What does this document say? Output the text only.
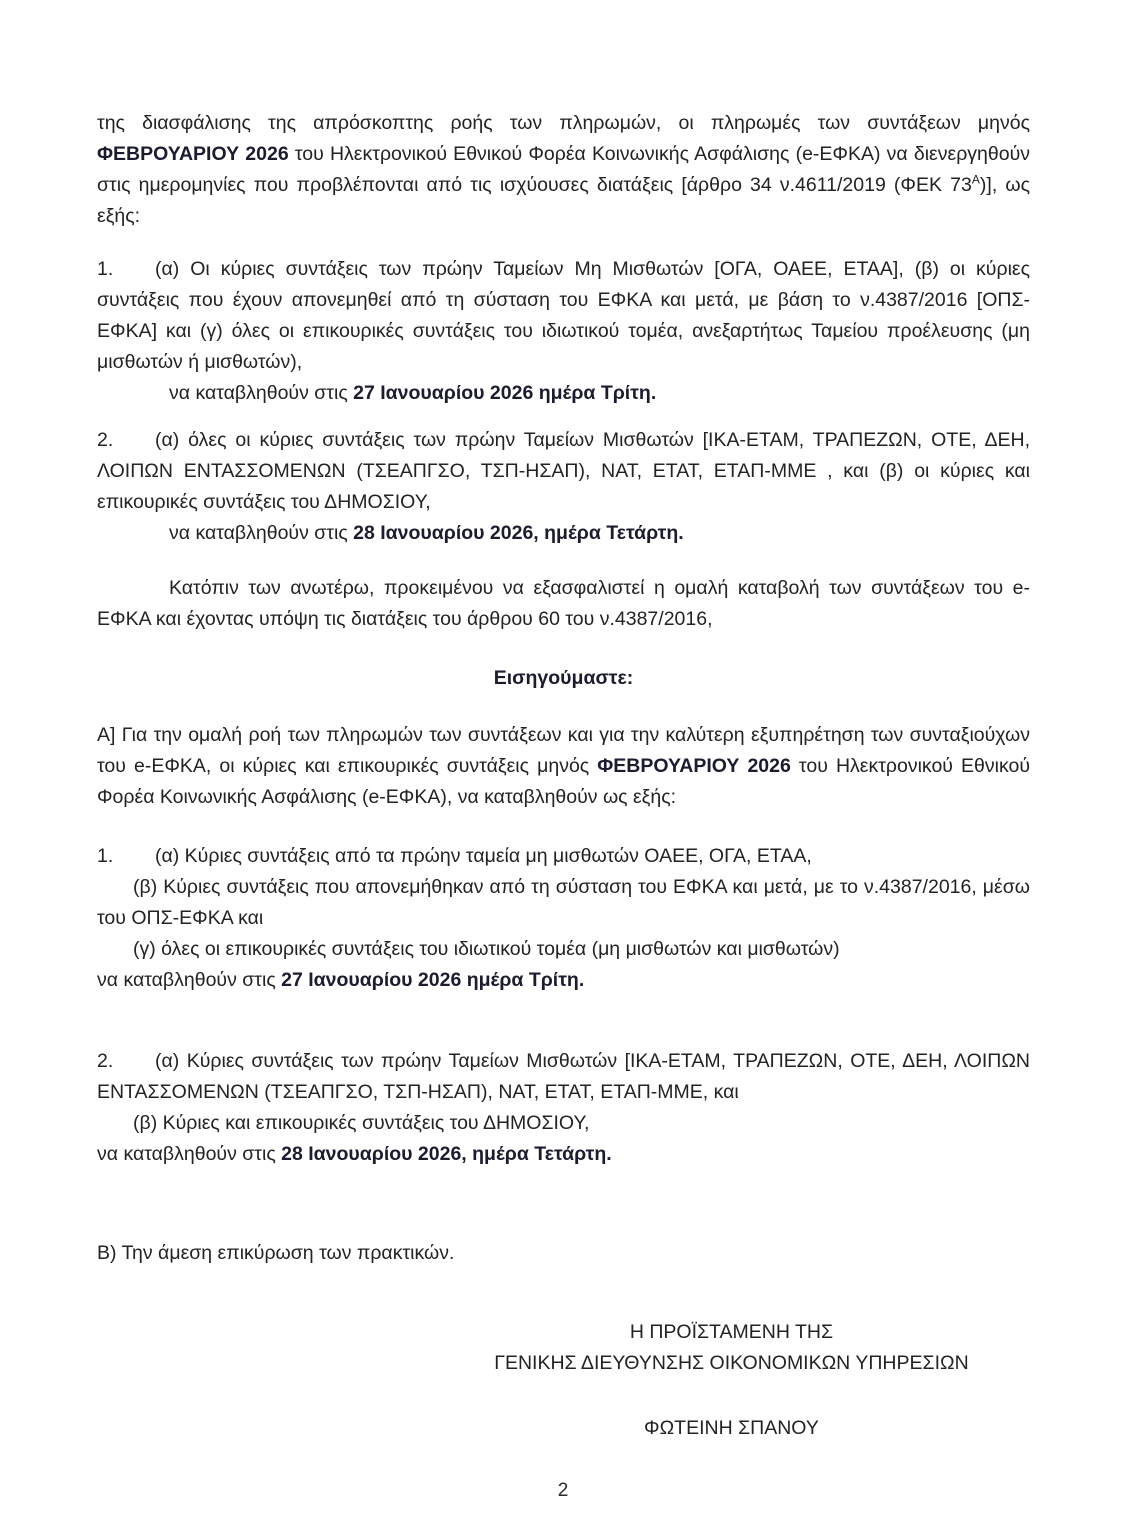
της διασφάλισης της απρόσκοπτης ροής των πληρωμών, οι πληρωμές των συντάξεων μηνός ΦΕΒΡΟΥΑΡΙΟΥ 2026 του Ηλεκτρονικού Εθνικού Φορέα Κοινωνικής Ασφάλισης (e-ΕΦΚΑ) να διενεργηθούν στις ημερομηνίες που προβλέπονται από τις ισχύουσες διατάξεις [άρθρο 34 ν.4611/2019 (ΦΕΚ $73^A$)], ως εξής:

1. (α) Οι κύριες συντάξεις των πρώην Ταμείων Μη Μισθωτών [ΟΓΑ, ΟΑΕΕ, ΕΤΑΑ], (β) οι κύριες συντάξεις που έχουν απονεμηθεί από τη σύσταση του ΕΦΚΑ και μετά, με βάση το ν.4387/2016 [ΟΠΣ-ΕΦΚΑ] και (γ) όλες οι επικουρικές συντάξεις του ιδιωτικού τομέα, ανεξαρτήτως Ταμείου προέλευσης (μη μισθωτών ή μισθωτών),

να καταβληθούν στις 27 Ιανουαρίου 2026 ημέρα Τρίτη.

2. (α) όλες οι κύριες συντάξεις των πρώην Ταμείων Μισθωτών [ΙΚΑ-ΕΤΑΜ, ΤΡΑΠΕΖΩΝ, ΟΤΕ, ΔΕΗ, ΛΟΙΠΩΝ ΕΝΤΑΣΣΟΜΕΝΩΝ (ΤΣΕΑΠΓΣΟ, ΤΣΠ-ΗΣΑΠ), ΝΑΤ, ΕΤΑΤ, ΕΤΑΠ-ΜΜΕ , και (β) οι κύριες και επικουρικές συντάξεις του ΔΗΜΟΣΙΟΥ,

να καταβληθούν στις 28 Ιανουαρίου 2026, ημέρα Τετάρτη.

Κατόπιν των ανωτέρω, προκειμένου να εξασφαλιστεί η ομαλή καταβολή των συντάξεων του e-ΕΦΚΑ και έχοντας υπόψη τις διατάξεις του άρθρου 60 του ν.4387/2016,

Εισηγούμαστε:

Α] Για την ομαλή ροή των πληρωμών των συντάξεων και για την καλύτερη εξυπηρέτηση των συνταξιούχων του e-ΕΦΚΑ, οι κύριες και επικουρικές συντάξεις μηνός ΦΕΒΡΟΥΑΡΙΟΥ 2026 του Ηλεκτρονικού Εθνικού Φορέα Κοινωνικής Ασφάλισης (e-ΕΦΚΑ), να καταβληθούν ως εξής:

1. (α) Κύριες συντάξεις από τα πρώην ταμεία μη μισθωτών ΟΑΕΕ, ΟΓΑ, ΕΤΑΑ,

(β) Κύριες συντάξεις που απονεμήθηκαν από τη σύσταση του ΕΦΚΑ και μετά, με το ν.4387/2016, μέσω του ΟΠΣ-ΕΦΚΑ και

(γ) όλες οι επικουρικές συντάξεις του ιδιωτικού τομέα (μη μισθωτών και μισθωτών)

να καταβληθούν στις 27 Ιανουαρίου 2026 ημέρα Τρίτη.

2. (α) Κύριες συντάξεις των πρώην Ταμείων Μισθωτών [ΙΚΑ-ΕΤΑΜ, ΤΡΑΠΕΖΩΝ, ΟΤΕ, ΔΕΗ, ΛΟΙΠΩΝ ΕΝΤΑΣΣΟΜΕΝΩΝ (ΤΣΕΑΠΓΣΟ, ΤΣΠ-ΗΣΑΠ), ΝΑΤ, ΕΤΑΤ, ΕΤΑΠ-ΜΜΕ, και

(β) Κύριες και επικουρικές συντάξεις του ΔΗΜΟΣΙΟΥ,

να καταβληθούν στις 28 Ιανουαρίου 2026, ημέρα Τετάρτη.

Β) Την άμεση επικύρωση των πρακτικών.

Η ΠΡΟΪΣΤΑΜΕΝΗ ΤΗΣ

ΓΕΝΙΚΗΣ ΔΙΕΥΘΥΝΣΗΣ ΟΙΚΟΝΟΜΙΚΩΝ ΥΠΗΡΕΣΙΩΝ

ΦΩΤΕΙΝΗ ΣΠΑΝΟΥ

2
